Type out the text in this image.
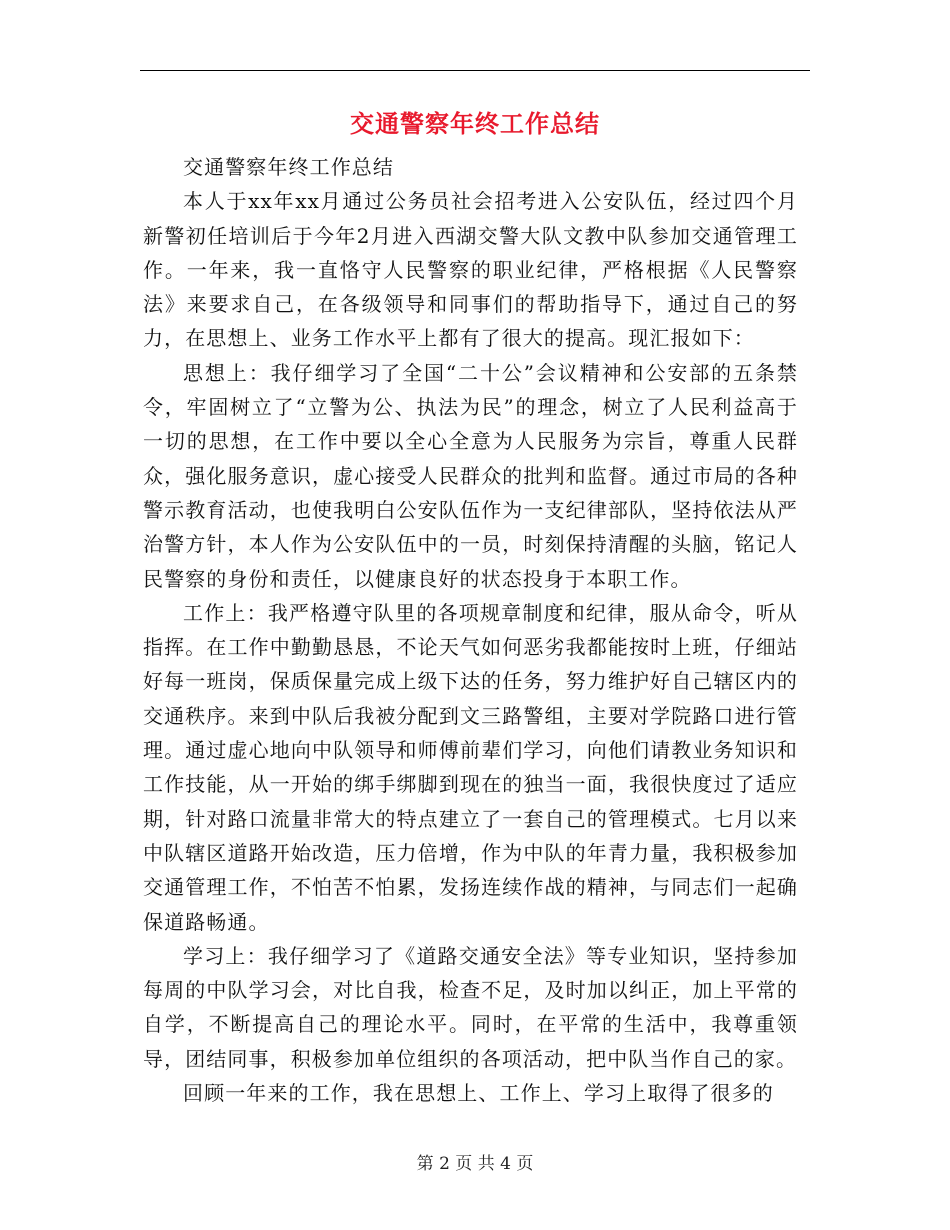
交通警察年终工作总结

交通警察年终工作总结

本人于xx年xx月通过公务员社会招考进入公安队伍，经过四个月新警初任培训后于今年2月进入西湖交警大队文教中队参加交通管理工作。一年来，我一直恪守人民警察的职业纪律，严格根据《人民警察法》来要求自己，在各级领导和同事们的帮助指导下，通过自己的努力，在思想上、业务工作水平上都有了很大的提高。现汇报如下：

思想上：我仔细学习了全国“二十公”会议精神和公安部的五条禁令，牢固树立了“立警为公、执法为民”的理念，树立了人民利益高于一切的思想，在工作中要以全心全意为人民服务为宗旨，尊重人民群众，强化服务意识，虚心接受人民群众的批判和监督。通过市局的各种警示教育活动，也使我明白公安队伍作为一支纪律部队，坚持依法从严治警方针，本人作为公安队伍中的一员，时刻保持清醒的头脑，铭记人民警察的身份和责任，以健康良好的状态投身于本职工作。

工作上：我严格遵守队里的各项规章制度和纪律，服从命令，听从指挥。在工作中勤勤恳恳，不论天气如何恶劣我都能按时上班，仔细站好每一班岗，保质保量完成上级下达的任务，努力维护好自己辖区内的交通秩序。来到中队后我被分配到文三路警组，主要对学院路口进行管理。通过虚心地向中队领导和师傅前辈们学习，向他们请教业务知识和工作技能，从一开始的绑手绑脚到现在的独当一面，我很快度过了适应期，针对路口流量非常大的特点建立了一套自己的管理模式。七月以来中队辖区道路开始改造，压力倍增，作为中队的年青力量，我积极参加交通管理工作，不怕苦不怕累，发扬连续作战的精神，与同志们一起确保道路畅通。

学习上：我仔细学习了《道路交通安全法》等专业知识，坚持参加每周的中队学习会，对比自我，检查不足，及时加以纠正，加上平常的自学，不断提高自己的理论水平。同时，在平常的生活中，我尊重领导，团结同事，积极参加单位组织的各项活动，把中队当作自己的家。

回顾一年来的工作，我在思想上、工作上、学习上取得了很多的

第 2 页 共 4 页
